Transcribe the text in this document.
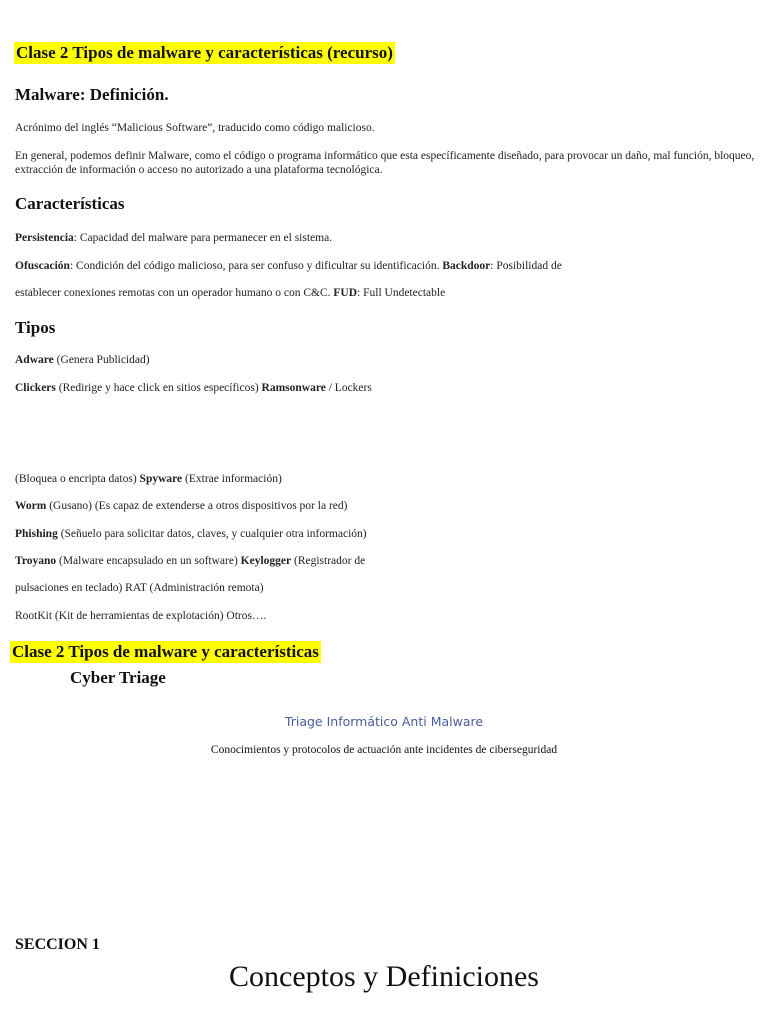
Clase 2 Tipos de malware y características (recurso)
Malware: Definición.
Acrónimo del inglés “Malicious Software”, traducido como código malicioso.
En general, podemos definir Malware, como el código o programa informático que esta específicamente diseñado, para provocar un daño, mal función, bloqueo, extracción de información o acceso no autorizado a una plataforma tecnológica.
Características
Persistencia: Capacidad del malware para permanecer en el sistema.
Ofuscación: Condición del código malicioso, para ser confuso y dificultar su identificación. Backdoor: Posibilidad de
establecer conexiones remotas con un operador humano o con C&C. FUD: Full Undetectable
Tipos
Adware (Genera Publicidad)
Clickers (Redirige y hace click en sitios específicos) Ramsonware / Lockers
(Bloquea o encripta datos) Spyware (Extrae información)
Worm (Gusano) (Es capaz de extenderse a otros dispositivos por la red)
Phishing (Señuelo para solicitar datos, claves, y cualquier otra información)
Troyano (Malware encapsulado en un software) Keylogger (Registrador de
pulsaciones en teclado) RAT (Administración remota)
RootKit (Kit de herramientas de explotación) Otros….
Clase 2 Tipos de malware y características
Cyber Triage
Triage Informático Anti Malware
Conocimientos y protocolos de actuación ante incidentes de ciberseguridad
SECCION 1
Conceptos y Definiciones
